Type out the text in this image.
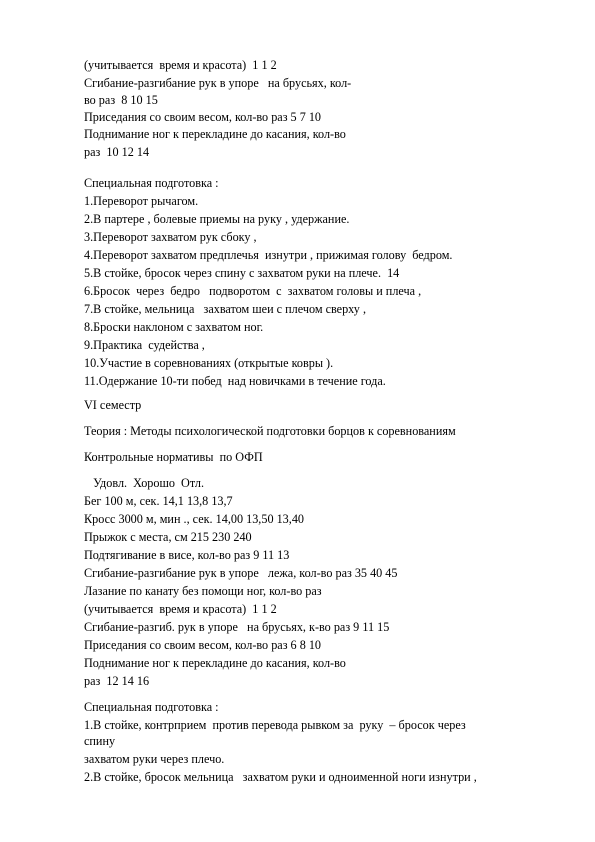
(учитывается  время и красота)  1 1 2
Сгибание-разгибание рук в упоре   на брусьях, кол-
во раз  8 10 15
Приседания со своим весом, кол-во раз 5 7 10
Поднимание ног к перекладине до касания, кол-во
раз  10 12 14
Специальная подготовка :
1.Переворот рычагом.
2.В партере , болевые приемы на руку , удержание.
3.Переворот захватом рук сбоку ,
4.Переворот захватом предплечья  изнутри , прижимая голову  бедром.
5.В стойке, бросок через спину с захватом руки на плече.  14
6.Бросок  через  бедро   подворотом  с  захватом головы и плеча ,
7.В стойке, мельница   захватом шеи с плечом сверху ,
8.Броски наклоном с захватом ног.
9.Практика  судейства ,
10.Участие в соревнованиях (открытые ковры ).
11.Одержание 10-ти побед  над новичками в течение года.
VI семестр
Теория : Методы психологической подготовки борцов к соревнованиям
Контрольные нормативы  по ОФП
Удовл.  Хорошо  Отл.
Бег 100 м, сек. 14,1 13,8 13,7
Кросс 3000 м, мин ., сек. 14,00 13,50 13,40
Прыжок с места, см 215 230 240
Подтягивание в висе, кол-во раз 9 11 13
Сгибание-разгибание рук в упоре   лежа, кол-во раз 35 40 45
Лазание по канату без помощи ног, кол-во раз
(учитывается  время и красота)  1 1 2
Сгибание-разгиб. рук в упоре   на брусьях, к-во раз 9 11 15
Приседания со своим весом, кол-во раз 6 8 10
Поднимание ног к перекладине до касания, кол-во
раз  12 14 16
Специальная подготовка :
1.В стойке, контрприем  против перевода рывком за  руку  – бросок через
спину
захватом руки через плечо.
2.В стойке, бросок мельница   захватом руки и одноименной ноги изнутри ,
